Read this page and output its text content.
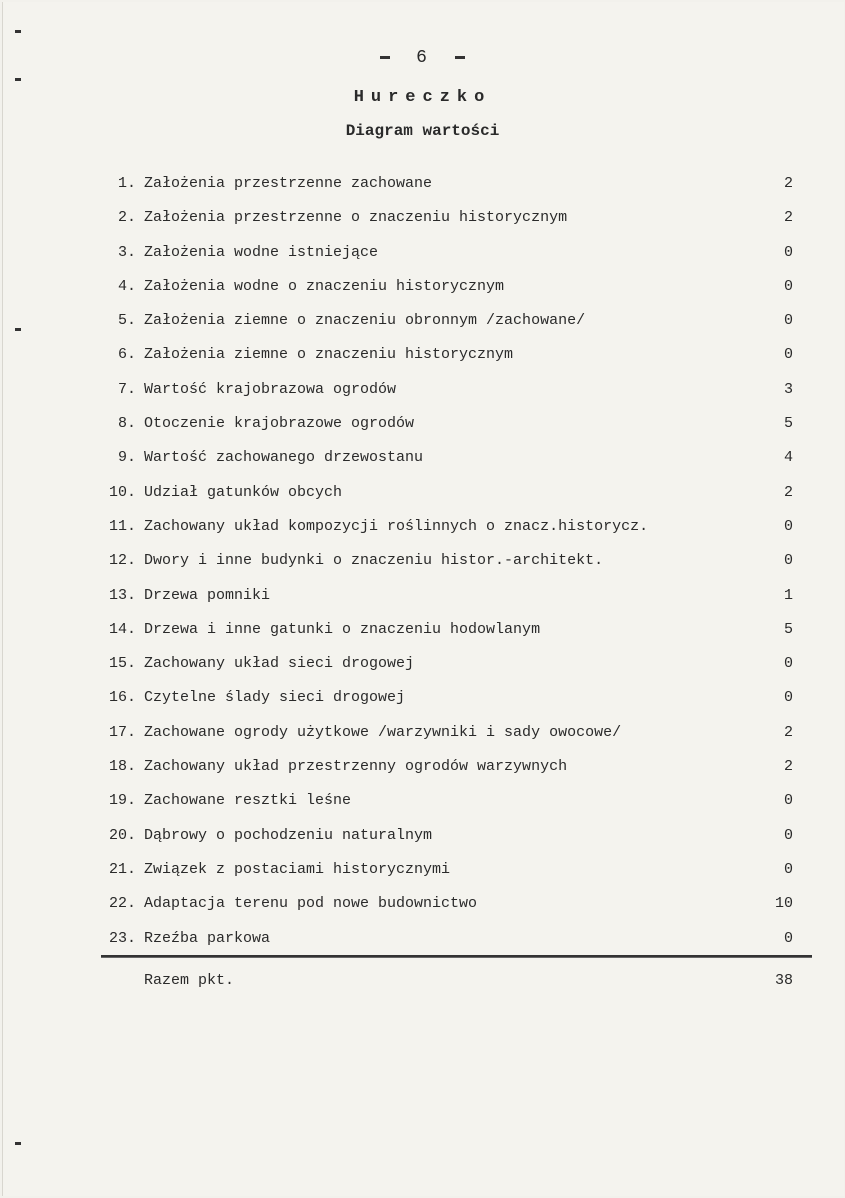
6
Hureczko
Diagram wartości
1. Założenia przestrzenne zachowane	2
2. Założenia przestrzenne o znaczeniu historycznym	2
3. Założenia wodne istniejące	0
4. Założenia wodne o znaczeniu historycznym	0
5. Założenia ziemne o znaczeniu obronnym /zachowane/	0
6. Założenia ziemne o znaczeniu historycznym	0
7. Wartość krajobrazowa ogrodów	3
8. Otoczenie krajobrazowe ogrodów	5
9. Wartość zachowanego drzewostanu	4
10. Udział gatunków obcych	2
11. Zachowany układ kompozycji roślinnych o znacz.historycz.	0
12. Dwory i inne budynki o znaczeniu histor.-architekt.	0
13. Drzewa pomniki	1
14. Drzewa i inne gatunki o znaczeniu hodowlanym	5
15. Zachowany układ sieci drogowej	0
16. Czytelne ślady sieci drogowej	0
17. Zachowane ogrody użytkowe /warzywniki i sady owocowe/	2
18. Zachowany układ przestrzenny ogrodów warzywnych	2
19. Zachowane resztki leśne	0
20. Dąbrowy o pochodzeniu naturalnym	0
21. Związek z postaciami historycznymi	0
22. Adaptacja terenu pod nowe budownictwo	10
23. Rzeźba parkowa	0
Razem pkt.	38
